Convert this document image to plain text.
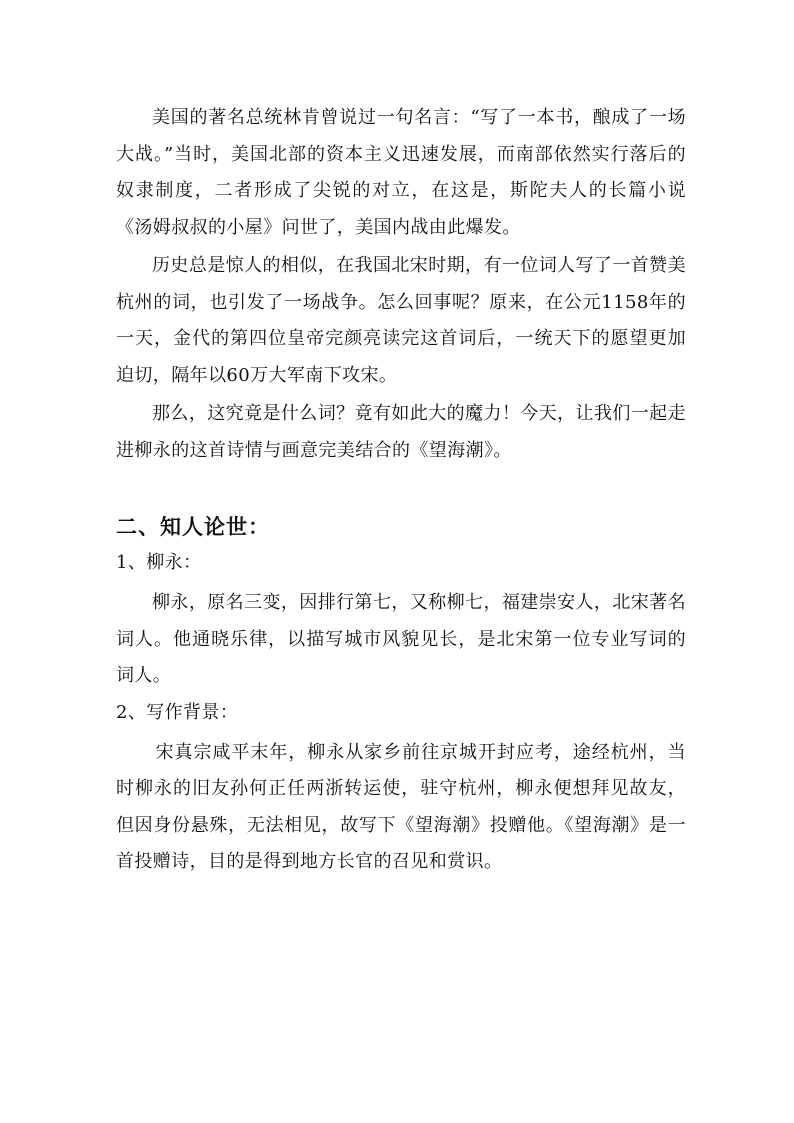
美国的著名总统林肯曾说过一句名言：“写了一本书，酿成了一场大战。”当时，美国北部的资本主义迅速发展，而南部依然实行落后的奴隶制度，二者形成了尖锐的对立，在这是，斯陀夫人的长篇小说《汤姆叔叔的小屋》问世了，美国内战由此爆发。

历史总是惊人的相似，在我国北宋时期，有一位词人写了一首赞美杭州的词，也引发了一场战争。怎么回事呢？原来，在公元1158年的一天，金代的第四位皇帝完颜亮读完这首词后，一统天下的愿望更加迫切，隔年以60万大军南下攻宋。

那么，这究竟是什么词？竟有如此大的魔力！今天，让我们一起走进柳永的这首诗情与画意完美结合的《望海潮》。

二、知人论世：

1、柳永：

柳永，原名三变，因排行第七，又称柳七，福建崇安人，北宋著名词人。他通晓乐律，以描写城市风貌见长，是北宋第一位专业写词的词人。

2、写作背景：

宋真宗咸平末年，柳永从家乡前往京城开封应考，途经杭州，当时柳永的旧友孙何正任两浙转运使，驻守杭州，柳永便想拜见故友，但因身份悬殊，无法相见，故写下《望海潮》投赠他。《望海潮》是一首投赠诗，目的是得到地方长官的召见和赏识。
